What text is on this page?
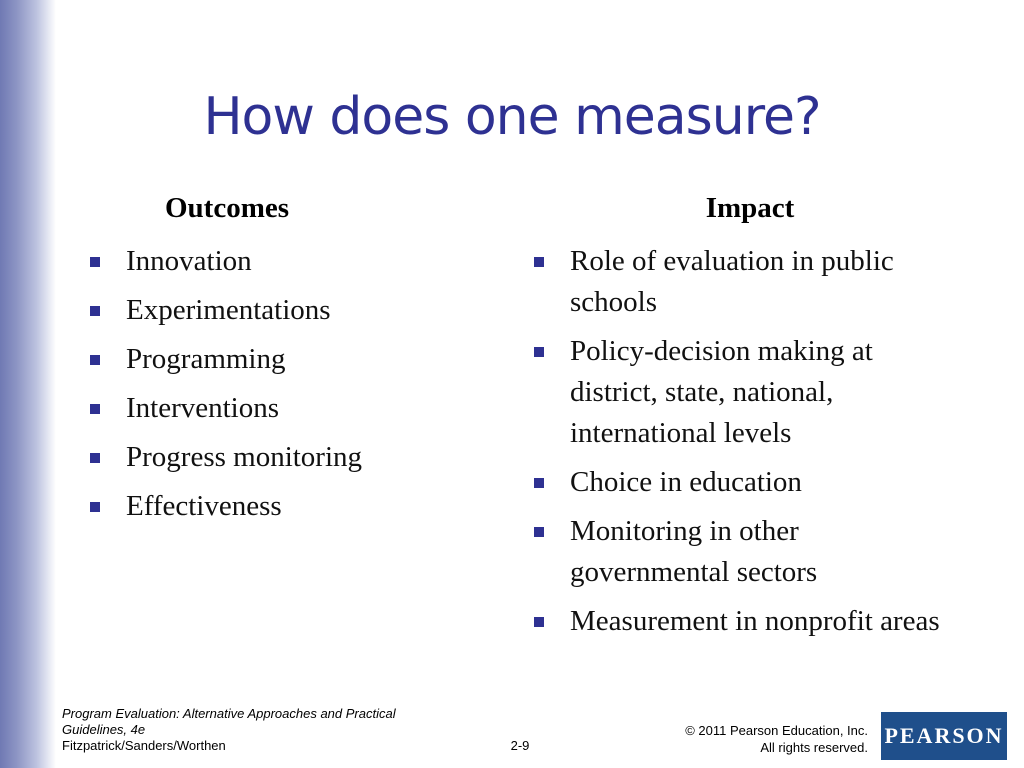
How does one measure?
Outcomes	Impact
Innovation
Experimentations
Programming
Interventions
Progress monitoring
Effectiveness
Role of evaluation in public schools
Policy-decision making at district, state, national, international levels
Choice in education
Monitoring in other governmental sectors
Measurement in nonprofit areas
Program Evaluation: Alternative Approaches and Practical Guidelines, 4e
Fitzpatrick/Sanders/Worthen	2-9
© 2011 Pearson Education, Inc.
All rights reserved. PEARSON
